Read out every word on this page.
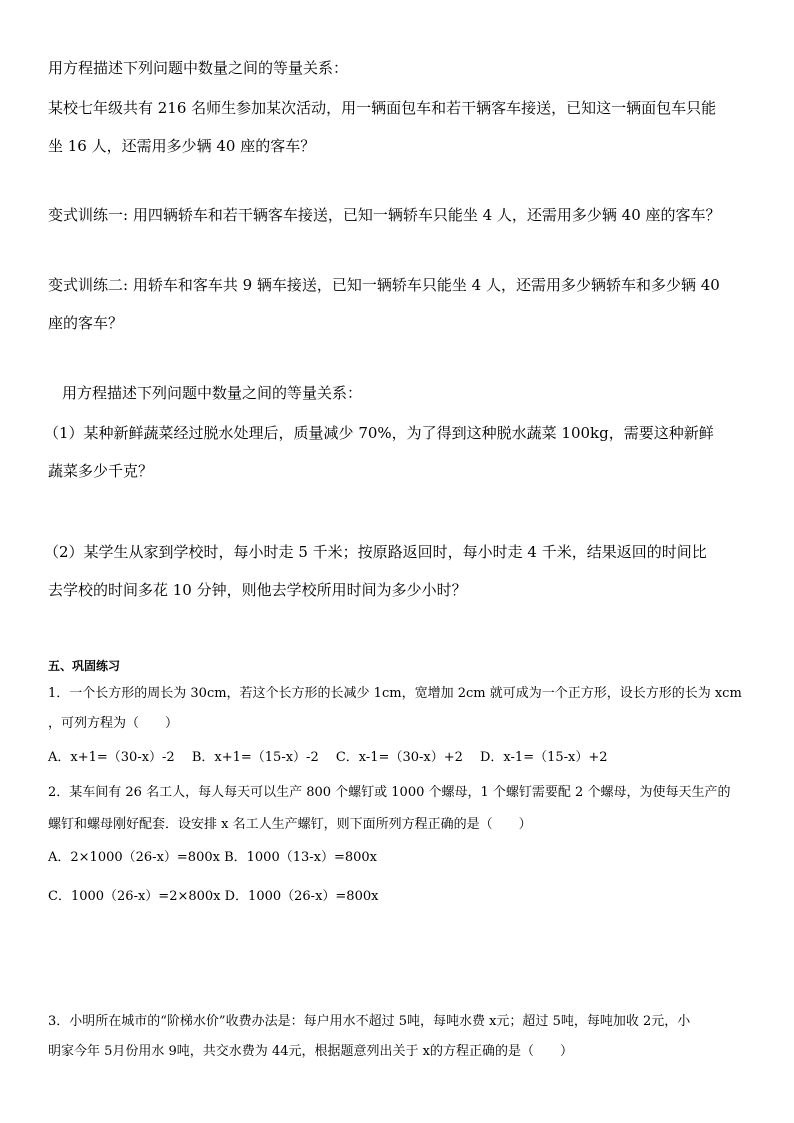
用方程描述下列问题中数量之间的等量关系：
某校七年级共有 216 名师生参加某次活动，用一辆面包车和若干辆客车接送，已知这一辆面包车只能
坐 16 人，还需用多少辆 40 座的客车？
变式训练一: 用四辆轿车和若干辆客车接送，已知一辆轿车只能坐 4 人，还需用多少辆 40 座的客车？
变式训练二: 用轿车和客车共 9 辆车接送，已知一辆轿车只能坐 4 人，还需用多少辆轿车和多少辆 40
座的客车？
用方程描述下列问题中数量之间的等量关系：
（1）某种新鲜蔬菜经过脱水处理后，质量减少 70%，为了得到这种脱水蔬菜 100kg，需要这种新鲜
蔬菜多少千克？
（2）某学生从家到学校时，每小时走 5 千米；按原路返回时，每小时走 4 千米，结果返回的时间比
去学校的时间多花 10 分钟，则他去学校所用时间为多少小时？
五、巩固练习
1．一个长方形的周长为 30cm，若这个长方形的长减少 1cm，宽增加 2cm 就可成为一个正方形，设长方形的长为 xcm
，可列方程为（　　）
A．x+1=（30-x）-2　 B．x+1=（15-x）-2　 C．x-1=（30-x）+2　 D．x-1=（15-x）+2
2．某车间有 26 名工人，每人每天可以生产 800 个螺钉或 1000 个螺母，1 个螺钉需要配 2 个螺母，为使每天生产的
螺钉和螺母刚好配套．设安排 x 名工人生产螺钉，则下面所列方程正确的是（　　）
A．2×1000（26-x）=800x B．1000（13-x）=800x
C．1000（26-x）=2×800x D．1000（26-x）=800x
3．小明所在城市的“阶梯水价”收费办法是：每户用水不超过 5吨，每吨水费 x元；超过 5吨，每吨加收 2元，小
明家今年 5月份用水 9吨，共交水费为 44元，根据题意列出关于 x的方程正确的是（　　）
